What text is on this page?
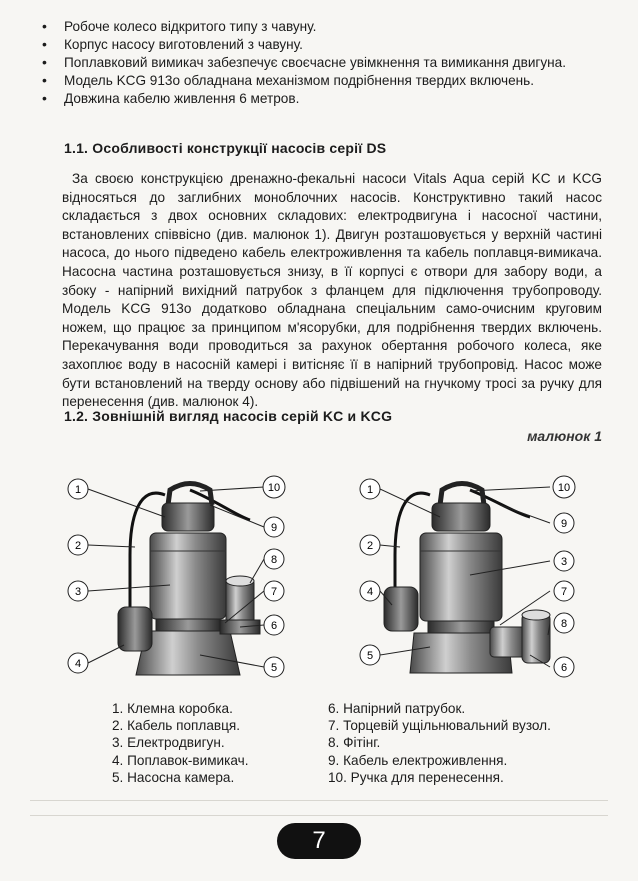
• Робоче колесо відкритого типу з чавуну.
• Корпус насосу виготовлений з чавуну.
• Поплавковий вимикач забезпечує своєчасне увімкнення та вимикання двигуна.
• Модель KCG 913о обладнана механізмом подрібнення твердих включень.
• Довжина кабелю живлення 6 метров.
1.1. Особливості конструкції насосів серії DS
За своєю конструкцією дренажно-фекальні насоси Vitals Aqua серій KC и KCG відносяться до заглибних моноблочних насосів. Конструктивно такий насос складається з двох основних складових: електродвигуна і насосної частини, встановлених співвісно (див. малюнок 1). Двигун розташовується у верхній частині насоса, до нього підведено кабель електроживлення та кабель поплавця-вимикача. Насосна частина розташовується знизу, в її корпусі є отвори для забору води, а збоку - напірний вихідний патрубок з фланцем для підключення трубопроводу. Модель KCG 913о додатково обладнана спеціальним само-очисним круговим ножем, що працює за принципом м'ясорубки, для подрібнення твердих включень. Перекачування води проводиться за рахунок обертання робочого колеса, яке захоплює воду в насосній камері і витісняє її в напірний трубопровід. Насос може бути встановлений на тверду основу або підвішений на гнучкому тросі за ручку для перенесення (див. малюнок 4).
1.2. Зовнішній вигляд насосів серій KC и KCG
малюнок 1
1
2
3
4	5
6
7
8
9
10	1
2
4
5
6
8
7
3
9
10
1. Клемна коробка.
2. Кабель поплавця.
3. Електродвигун.
4. Поплавок-вимикач.
5. Насосна камера.
6. Напірний патрубок.
7. Торцевій ущільнювальний вузол.
8. Фітінг.
9. Кабель електроживлення.
10. Ручка для перенесення.
7
